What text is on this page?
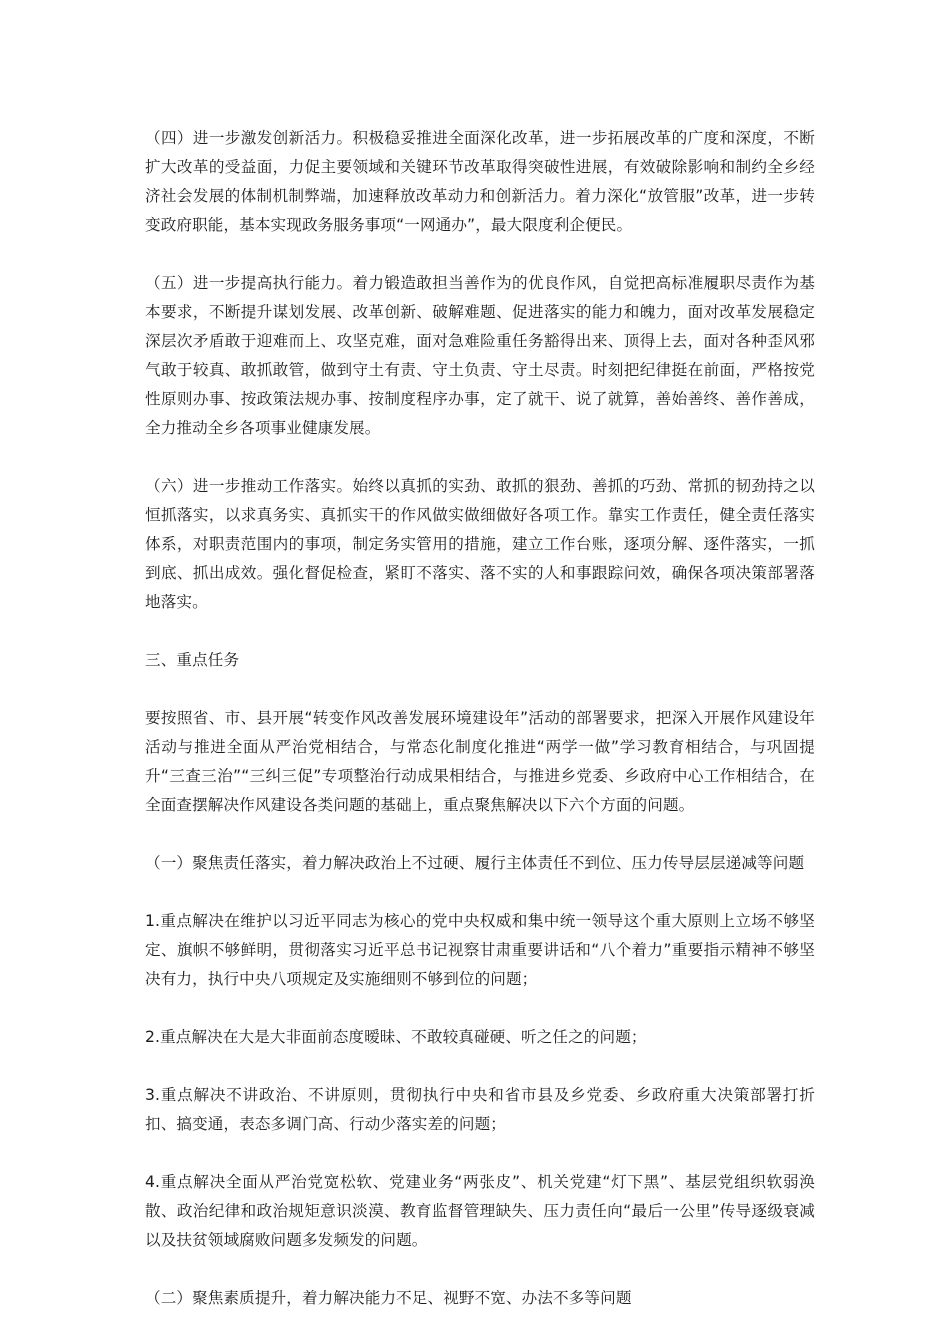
（四）进一步激发创新活力。积极稳妥推进全面深化改革，进一步拓展改革的广度和深度，不断扩大改革的受益面，力促主要领域和关键环节改革取得突破性进展，有效破除影响和制约全乡经济社会发展的体制机制弊端，加速释放改革动力和创新活力。着力深化“放管服”改革，进一步转变政府职能，基本实现政务服务事项“一网通办”，最大限度利企便民。

（五）进一步提高执行能力。着力锻造敢担当善作为的优良作风，自觉把高标准履职尽责作为基本要求，不断提升谋划发展、改革创新、破解难题、促进落实的能力和魄力，面对改革发展稳定深层次矛盾敢于迎难而上、攻坚克难，面对急难险重任务豁得出来、顶得上去，面对各种歪风邪气敢于较真、敢抓敢管，做到守土有责、守土负责、守土尽责。时刻把纪律挺在前面，严格按党性原则办事、按政策法规办事、按制度程序办事，定了就干、说了就算，善始善终、善作善成，全力推动全乡各项事业健康发展。

（六）进一步推动工作落实。始终以真抓的实劲、敢抓的狠劲、善抓的巧劲、常抓的韧劲持之以恒抓落实，以求真务实、真抓实干的作风做实做细做好各项工作。靠实工作责任，健全责任落实体系，对职责范围内的事项，制定务实管用的措施，建立工作台账，逐项分解、逐件落实，一抓到底、抓出成效。强化督促检查，紧盯不落实、落不实的人和事跟踪问效，确保各项决策部署落地落实。

三、重点任务

要按照省、市、县开展“转变作风改善发展环境建设年”活动的部署要求，把深入开展作风建设年活动与推进全面从严治党相结合，与常态化制度化推进“两学一做”学习教育相结合，与巩固提升“三查三治”“三纠三促”专项整治行动成果相结合，与推进乡党委、乡政府中心工作相结合，在全面查摆解决作风建设各类问题的基础上，重点聚焦解决以下六个方面的问题。

（一）聚焦责任落实，着力解决政治上不过硬、履行主体责任不到位、压力传导层层递减等问题

1.重点解决在维护以习近平同志为核心的党中央权威和集中统一领导这个重大原则上立场不够坚定、旗帜不够鲜明，贯彻落实习近平总书记视察甘肃重要讲话和“八个着力”重要指示精神不够坚决有力，执行中央八项规定及实施细则不够到位的问题；

2.重点解决在大是大非面前态度暧昧、不敢较真碰硬、听之任之的问题；

3.重点解决不讲政治、不讲原则，贯彻执行中央和省市县及乡党委、乡政府重大决策部署打折扣、搞变通，表态多调门高、行动少落实差的问题；

4.重点解决全面从严治党宽松软、党建业务“两张皮”、机关党建“灯下黑”、基层党组织软弱涣散、政治纪律和政治规矩意识淡漠、教育监督管理缺失、压力责任向“最后一公里”传导逐级衰减以及扶贫领域腐败问题多发频发的问题。

（二）聚焦素质提升，着力解决能力不足、视野不宽、办法不多等问题
